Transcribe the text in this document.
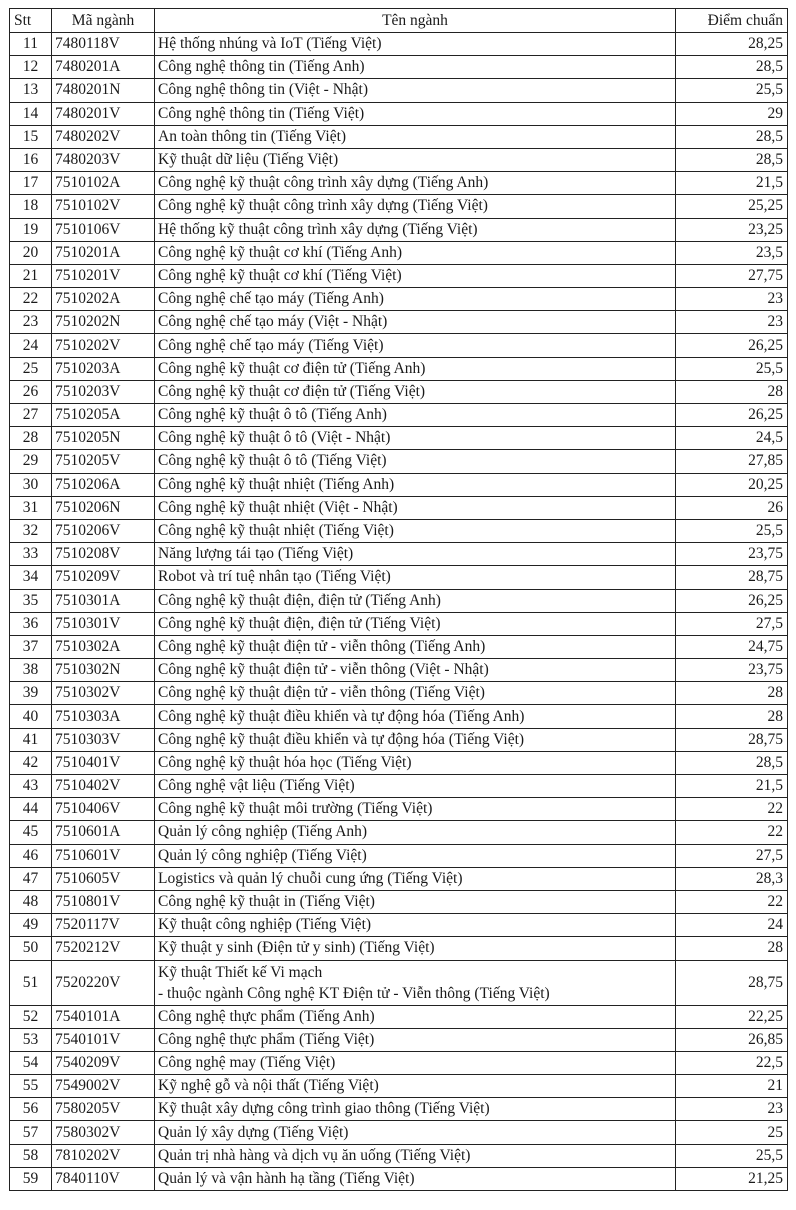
Stt	Mã ngành	Tên ngành	Điểm chuẩn
11	7480118V	Hệ thống nhúng và IoT (Tiếng Việt)	28,25
12	7480201A	Công nghệ thông tin (Tiếng Anh)	28,5
13	7480201N	Công nghệ thông tin (Việt - Nhật)	25,5
14	7480201V	Công nghệ thông tin (Tiếng Việt)	29
15	7480202V	An toàn thông tin (Tiếng Việt)	28,5
16	7480203V	Kỹ thuật dữ liệu (Tiếng Việt)	28,5
17	7510102A	Công nghệ kỹ thuật công trình xây dựng (Tiếng Anh)	21,5
18	7510102V	Công nghệ kỹ thuật công trình xây dựng (Tiếng Việt)	25,25
19	7510106V	Hệ thống kỹ thuật công trình xây dựng (Tiếng Việt)	23,25
20	7510201A	Công nghệ kỹ thuật cơ khí (Tiếng Anh)	23,5
21	7510201V	Công nghệ kỹ thuật cơ khí (Tiếng Việt)	27,75
22	7510202A	Công nghệ chế tạo máy (Tiếng Anh)	23
23	7510202N	Công nghệ chế tạo máy (Việt - Nhật)	23
24	7510202V	Công nghệ chế tạo máy (Tiếng Việt)	26,25
25	7510203A	Công nghệ kỹ thuật cơ điện tử (Tiếng Anh)	25,5
26	7510203V	Công nghệ kỹ thuật cơ điện tử (Tiếng Việt)	28
27	7510205A	Công nghệ kỹ thuật ô tô (Tiếng Anh)	26,25
28	7510205N	Công nghệ kỹ thuật ô tô (Việt - Nhật)	24,5
29	7510205V	Công nghệ kỹ thuật ô tô (Tiếng Việt)	27,85
30	7510206A	Công nghệ kỹ thuật nhiệt (Tiếng Anh)	20,25
31	7510206N	Công nghệ kỹ thuật nhiệt (Việt - Nhật)	26
32	7510206V	Công nghệ kỹ thuật nhiệt (Tiếng Việt)	25,5
33	7510208V	Năng lượng tái tạo (Tiếng Việt)	23,75
34	7510209V	Robot và trí tuệ nhân tạo (Tiếng Việt)	28,75
35	7510301A	Công nghệ kỹ thuật điện, điện tử (Tiếng Anh)	26,25
36	7510301V	Công nghệ kỹ thuật điện, điện tử (Tiếng Việt)	27,5
37	7510302A	Công nghệ kỹ thuật điện tử - viễn thông (Tiếng Anh)	24,75
38	7510302N	Công nghệ kỹ thuật điện tử - viễn thông (Việt - Nhật)	23,75
39	7510302V	Công nghệ kỹ thuật điện tử - viễn thông (Tiếng Việt)	28
40	7510303A	Công nghệ kỹ thuật điều khiển và tự động hóa (Tiếng Anh)	28
41	7510303V	Công nghệ kỹ thuật điều khiển và tự động hóa (Tiếng Việt)	28,75
42	7510401V	Công nghệ kỹ thuật hóa học (Tiếng Việt)	28,5
43	7510402V	Công nghệ vật liệu (Tiếng Việt)	21,5
44	7510406V	Công nghệ kỹ thuật môi trường (Tiếng Việt)	22
45	7510601A	Quản lý công nghiệp (Tiếng Anh)	22
46	7510601V	Quản lý công nghiệp (Tiếng Việt)	27,5
47	7510605V	Logistics và quản lý chuỗi cung ứng (Tiếng Việt)	28,3
48	7510801V	Công nghệ kỹ thuật in (Tiếng Việt)	22
49	7520117V	Kỹ thuật công nghiệp (Tiếng Việt)	24
50	7520212V	Kỹ thuật y sinh (Điện tử y sinh) (Tiếng Việt)	28
51	7520220V	Kỹ thuật Thiết kế Vi mạch
- thuộc ngành Công nghệ KT Điện tử - Viễn thông (Tiếng Việt)	28,75
52	7540101A	Công nghệ thực phẩm (Tiếng Anh)	22,25
53	7540101V	Công nghệ thực phẩm (Tiếng Việt)	26,85
54	7540209V	Công nghệ may (Tiếng Việt)	22,5
55	7549002V	Kỹ nghệ gỗ và nội thất (Tiếng Việt)	21
56	7580205V	Kỹ thuật xây dựng công trình giao thông (Tiếng Việt)	23
57	7580302V	Quản lý xây dựng (Tiếng Việt)	25
58	7810202V	Quản trị nhà hàng và dịch vụ ăn uống (Tiếng Việt)	25,5
59	7840110V	Quản lý và vận hành hạ tầng (Tiếng Việt)	21,25
